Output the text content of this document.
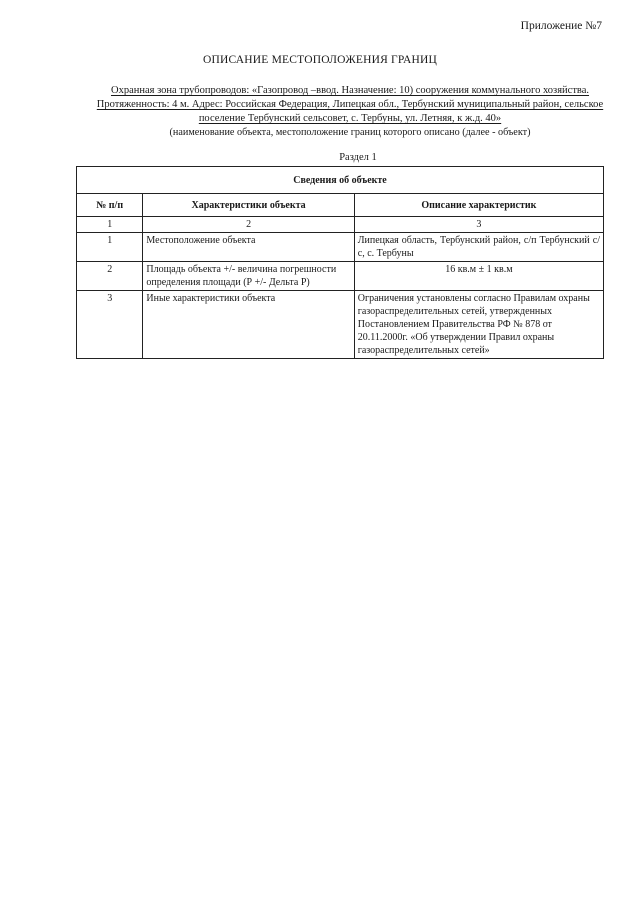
Приложение №7
ОПИСАНИЕ МЕСТОПОЛОЖЕНИЯ ГРАНИЦ
Охранная зона трубопроводов: «Газопровод –ввод. Назначение: 10) сооружения коммунального хозяйства. Протяженность: 4 м. Адрес: Российская Федерация, Липецкая обл., Тербунский муниципальный район, сельское поселение Тербунский сельсовет, с. Тербуны, ул. Летняя, к ж.д. 40»
(наименование объекта, местоположение границ которого описано (далее - объект)
Раздел 1
Сведения об объекте		
№ п/п	Характеристики объекта	Описание характеристик
1	2	3
1	Местоположение объекта	Липецкая область, Тербунский район, с/п Тербунский с/с, с. Тербуны
2	Площадь объекта +/- величина погрешности определения площади (Р +/- Дельта Р)	16 кв.м ± 1 кв.м
3	Иные характеристики объекта	Ограничения установлены согласно Правилам охраны газораспределительных сетей, утвержденных Постановлением Правительства РФ № 878 от 20.11.2000г. «Об утверждении Правил охраны газораспределительных сетей»
